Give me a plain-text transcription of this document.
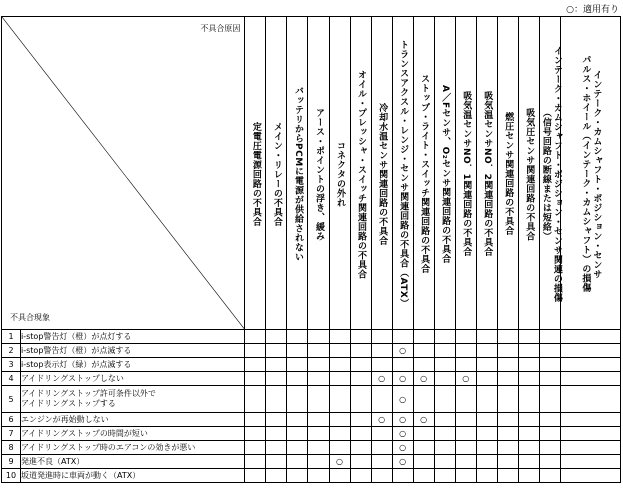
○：適用有り
不具合原因
不具合現象		定電圧電源回路の不具合	メイン・リレーの不具合	バッテリからPCMに電源が供給されない	アース・ポイントの浮き、緩み	コネクタの外れ	オイル・プレッシャ・スイッチ関連回路の不具合	冷却水温センサ関連回路の不具合	トランスアクスル・レンジ・センサ関連回路の不具合（ATX）	ストップ・ライト・スイッチ関連回路の不具合	A／Fセンサ、O₂センサ関連回路の不具合	吸気温センサNO．1関連回路の不具合	吸気温センサNO．2関連回路の不具合	燃圧センサ関連回路の不具合	吸気圧センサ関連回路の不具合	インテーク・カムシャフト・ポジション・センサ関連の損傷
（信号回路の断線または短絡）	インテーク・カムシャフト・ポジション・センサ
パルス・ホイール（インテーク・カムシャフト）の損傷
1	i-stop警告灯（橙）が点灯する																
2	i-stop警告灯（橙）が点滅する								○								
3	i-stop表示灯（緑）が点滅する																
4	アイドリングストップしない							○	○	○		○					
5	アイドリングストップ許可条件以外で
アイドリングストップする								○								
6	エンジンが再始動しない							○	○	○							
7	アイドリングストップの時間が短い								○								
8	アイドリングストップ時のエアコンの効きが悪い								○								
9	発進不良（ATX）					○			○								
10	坂道発進時に車両が動く（ATX）																
